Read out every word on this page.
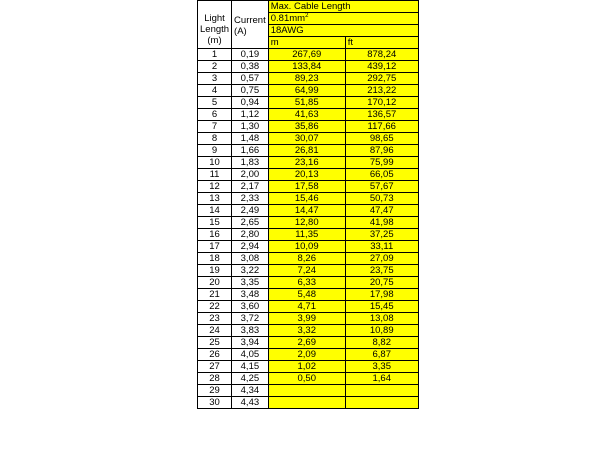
Light Length (m)	Current (A)	Max. Cable Length	
		$0.81mm^2$
		18AWG	
		m	ft
1	0,19	267,69	878,24
2	0,38	133,84	439,12
3	0,57	89,23	292,75
4	0,75	64,99	213,22
5	0,94	51,85	170,12
6	1,12	41,63	136,57
7	1,30	35,86	117,66
8	1,48	30,07	98,65
9	1,66	26,81	87,96
10	1,83	23,16	75,99
11	2,00	20,13	66,05
12	2,17	17,58	57,67
13	2,33	15,46	50,73
14	2,49	14,47	47,47
15	2,65	12,80	41,98
16	2,80	11,35	37,25
17	2,94	10,09	33,11
18	3,08	8,26	27,09
19	3,22	7,24	23,75
20	3,35	6,33	20,75
21	3,48	5,48	17,98
22	3,60	4,71	15,45
23	3,72	3,99	13,08
24	3,83	3,32	10,89
25	3,94	2,69	8,82
26	4,05	2,09	6,87
27	4,15	1,02	3,35
28	4,25	0,50	1,64
29	4,34		
30	4,43		
